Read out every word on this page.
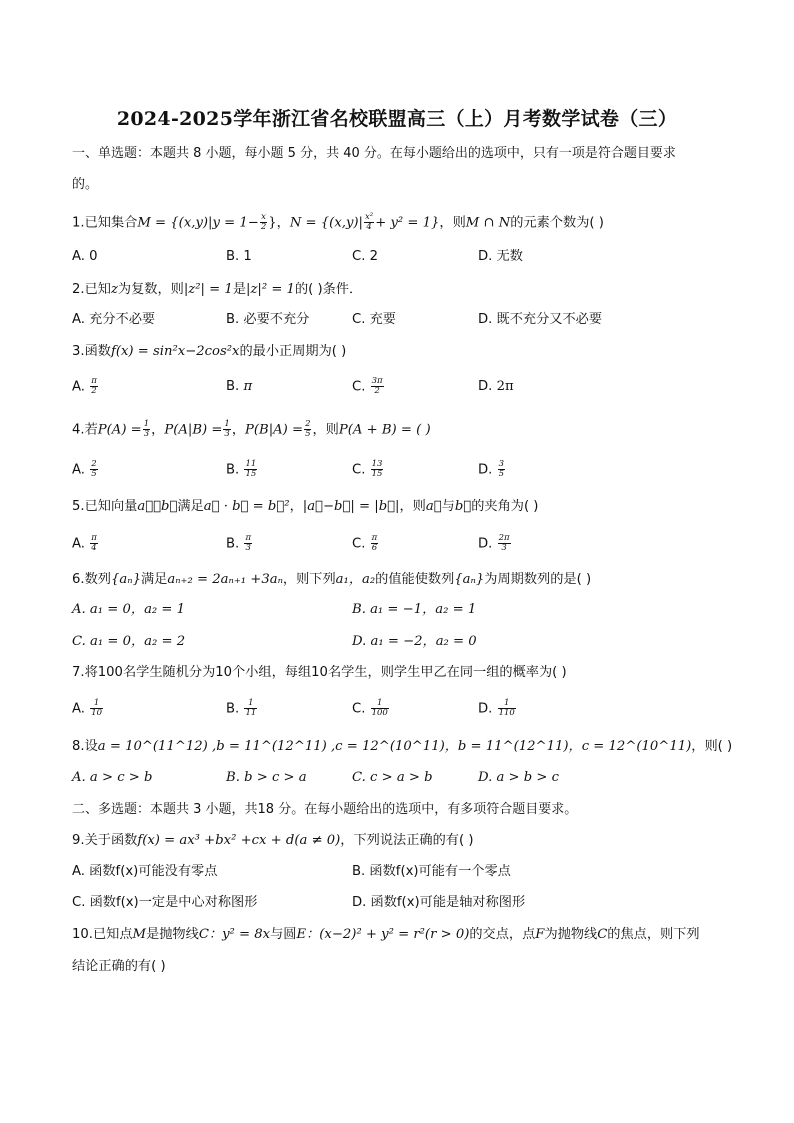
2024-2025学年浙江省名校联盟高三（上）月考数学试卷（三）
一、单选题：本题共 8 小题，每小题 5 分，共 40 分。在每小题给出的选项中，只有一项是符合题目要求
的。
1.已知集合$M = \{(x,y)|y = 1- \frac{x}{2}$ }，$N = \{(x,y)| \frac{\text{x²}}{4} + y^2 = 1\}$，则M ∩ N的元素个数为( )
A. 0	B. 1	C. 2	D. 无数
2.已知z为复数，则|z²| = 1是|z|² = 1的( )条件．
A. 充分不必要	B. 必要不充分	C. 充要	D. 既不充分又不必要
3.函数f(x) = sin²x−2cos²x的最小正周期为( )
A. $\frac{\pi}{2}$	B. π	C. $\frac{3\pi}{2}$	D. 2π
4.若$P(A) = \frac{1}{3}$ ，$P(A|B) = \frac{1}{3}$ ，$P(B|A) = \frac{2}{5}$ ，则P(A + B) = ( )
A. $\frac{2}{5}$	B. $\frac{11}{15}$	C. $\frac{13}{15}$	D. $\frac{3}{5}$
5.已知向量a⃗，b⃗满足a⃗ · b⃗ = b⃗²，|a⃗−b⃗| = |b⃗|，则a⃗与b⃗的夹角为( )
A. $\frac{\pi}{4}$	B. $\frac{\pi}{3}$	C. $\frac{\pi}{6}$	D. $\frac{2\pi}{3}$
6.数列{aₙ}满足aₙ₊₂ = 2aₙ₊₁ +3aₙ，则下列a₁，a₂的值能使数列{aₙ}为周期数列的是( )
A. a₁ = 0，a₂ = 1	B. a₁ = −1，a₂ = 1
C. a₁ = 0，a₂ = 2	D. a₁ = −2，a₂ = 0
7.将100名学生随机分为10个小组，每组10名学生，则学生甲乙在同一组的概率为( )
A. $\frac{1}{10}$	B. $\frac{1}{11}$	C. $\frac{1}{100}$	D. $\frac{1}{110}$
8.设a = 10^(11^12) ,b = 11^(12^11) ,c = 12^(10^11)，b = 11^(12^11)，c = 12^(10^11)，则( )
A. a > c > b	B. b > c > a	C. c > a > b	D. a > b > c
二、多选题：本题共 3 小题，共18 分。在每小题给出的选项中，有多项符合题目要求。
9.关于函数f(x) = ax³ +bx² +cx + d(a ≠ 0)，下列说法正确的有( )
A. 函数f(x)可能没有零点	B. 函数f(x)可能有一个零点
C. 函数f(x)一定是中心对称图形	D. 函数f(x)可能是轴对称图形
10.已知点M是抛物线C：y² = 8x与圆E：(x−2)² + y² = r²(r > 0)的交点，点F为抛物线C的焦点，则下列
结论正确的有( )
